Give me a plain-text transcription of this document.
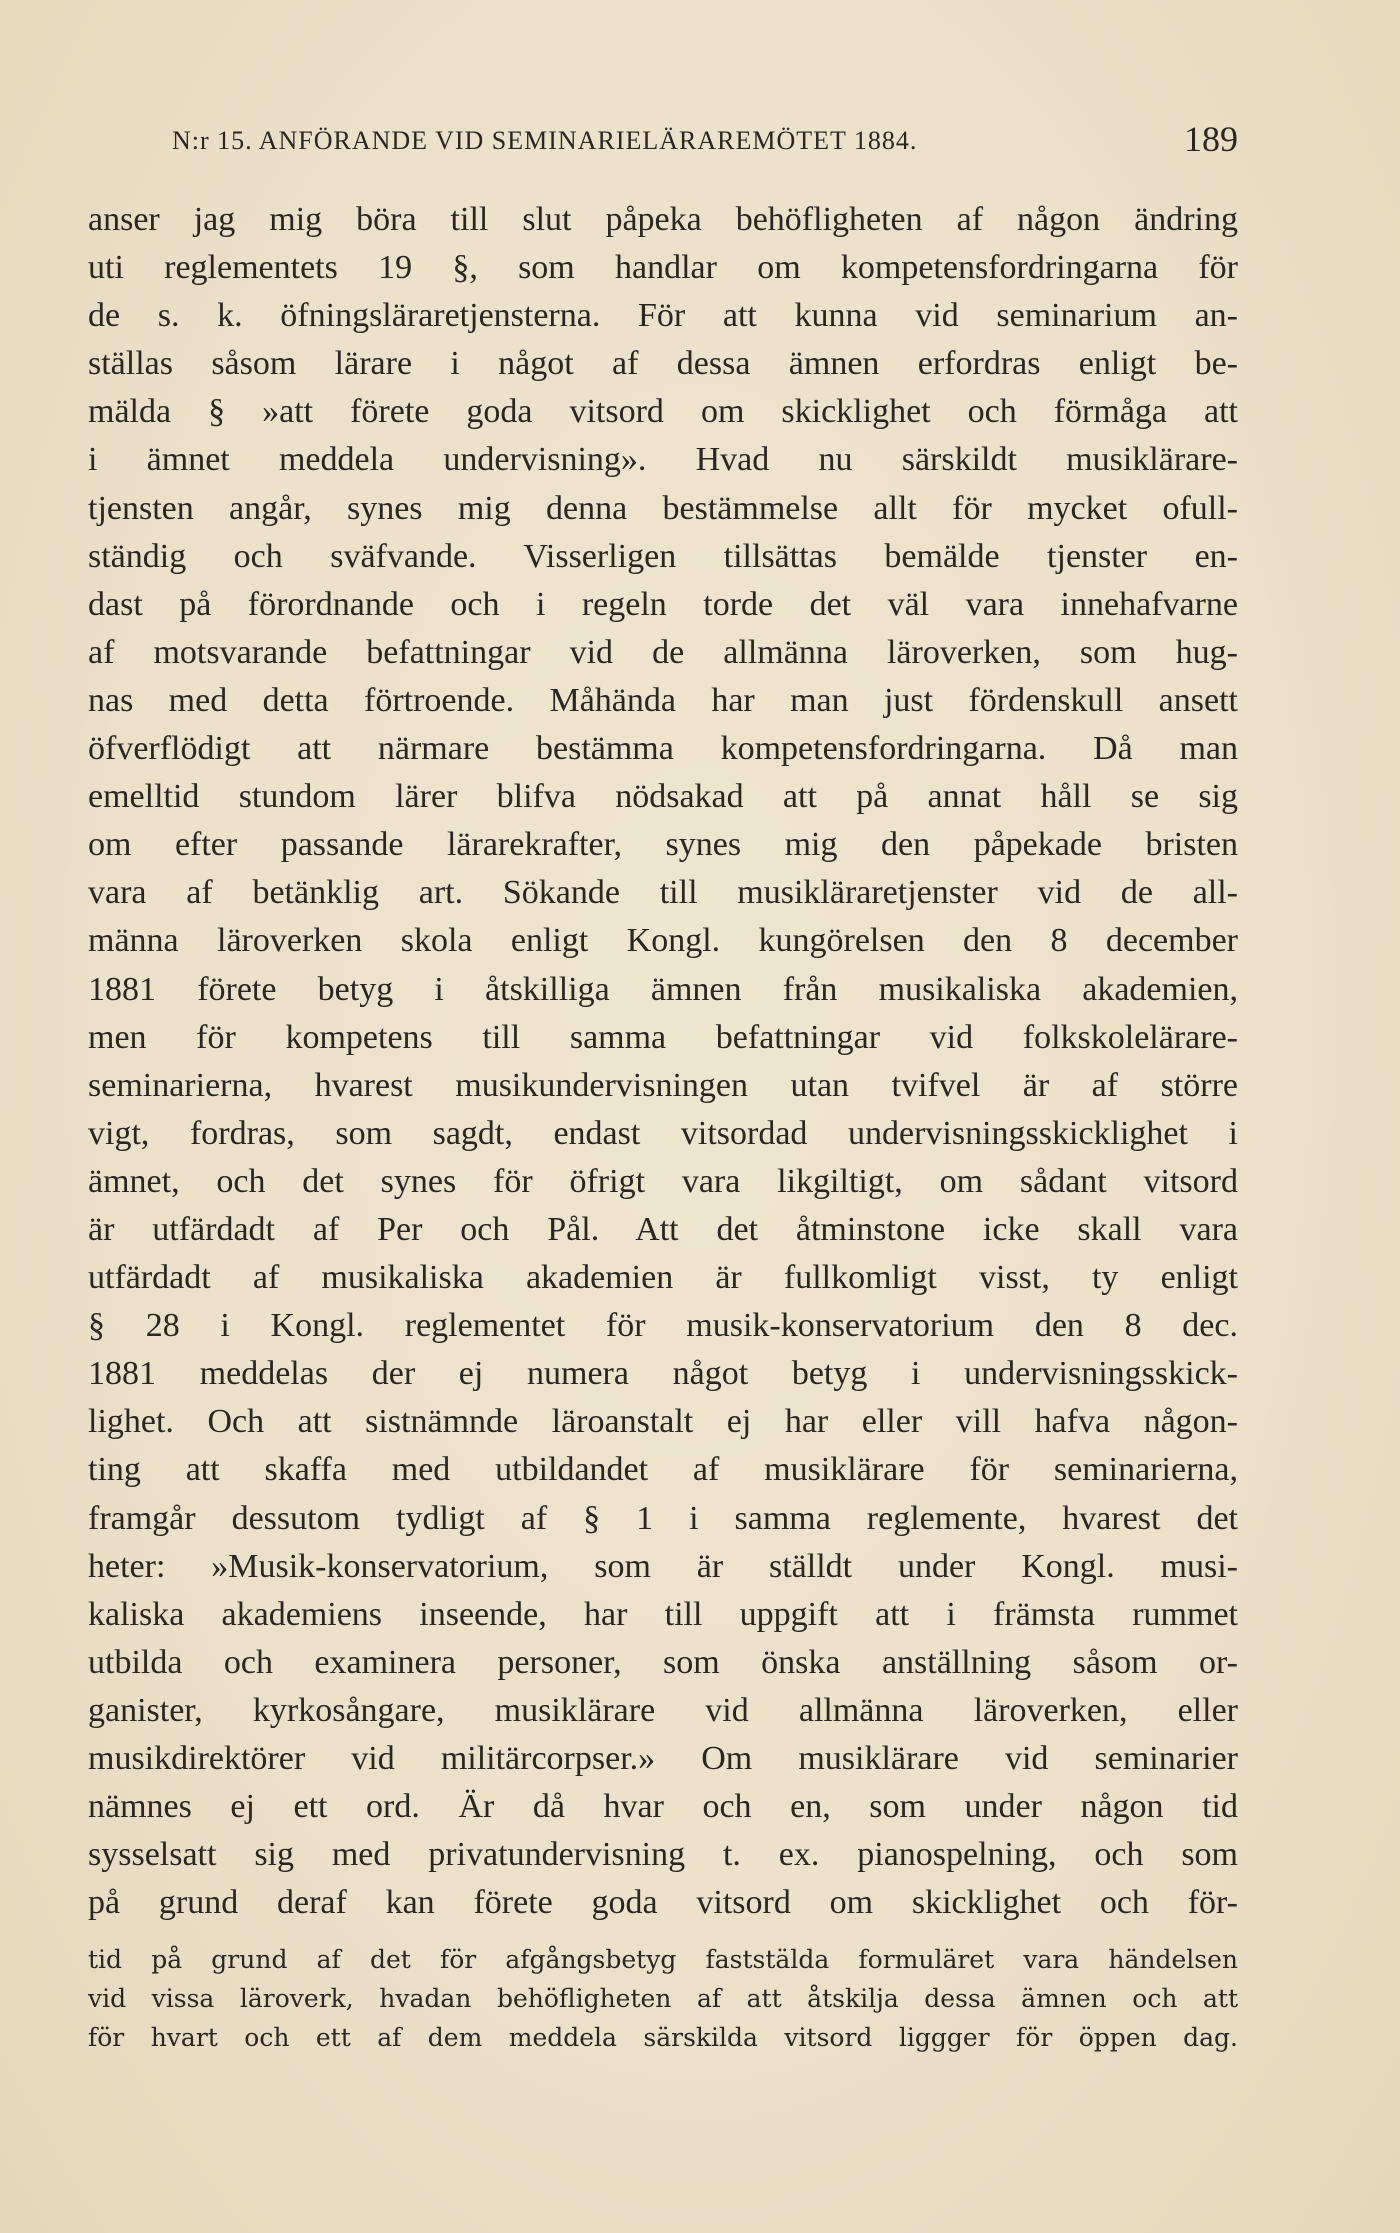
N:r 15. ANFÖRANDE VID SEMINARIELÄRAREMÖTET 1884.	189
anser jag mig böra till slut påpeka behöfligheten af någon ändring
uti reglementets 19 §, som handlar om kompetensfordringarna för
de s. k. öfningsläraretjensterna. För att kunna vid seminarium an-
ställas såsom lärare i något af dessa ämnen erfordras enligt be-
mälda § »att förete goda vitsord om skicklighet och förmåga att
i ämnet meddela undervisning». Hvad nu särskildt musiklärare-
tjensten angår, synes mig denna bestämmelse allt för mycket ofull-
ständig och sväfvande. Visserligen tillsättas bemälde tjenster en-
dast på förordnande och i regeln torde det väl vara innehafvarne
af motsvarande befattningar vid de allmänna läroverken, som hug-
nas med detta förtroende. Måhända har man just fördenskull ansett
öfverflödigt att närmare bestämma kompetensfordringarna. Då man
emelltid stundom lärer blifva nödsakad att på annat håll se sig
om efter passande lärarekrafter, synes mig den påpekade bristen
vara af betänklig art. Sökande till musikläraretjenster vid de all-
männa läroverken skola enligt Kongl. kungörelsen den 8 december
1881 förete betyg i åtskilliga ämnen från musikaliska akademien,
men för kompetens till samma befattningar vid folkskolelärare-
seminarierna, hvarest musikundervisningen utan tvifvel är af större
vigt, fordras, som sagdt, endast vitsordad undervisningsskicklighet i
ämnet, och det synes för öfrigt vara likgiltigt, om sådant vitsord
är utfärdadt af Per och Pål. Att det åtminstone icke skall vara
utfärdadt af musikaliska akademien är fullkomligt visst, ty enligt
§ 28 i Kongl. reglementet för musik-konservatorium den 8 dec.
1881 meddelas der ej numera något betyg i undervisningsskick-
lighet. Och att sistnämnde läroanstalt ej har eller vill hafva någon-
ting att skaffa med utbildandet af musiklärare för seminarierna,
framgår dessutom tydligt af § 1 i samma reglemente, hvarest det
heter: »Musik-konservatorium, som är ställdt under Kongl. musi-
kaliska akademiens inseende, har till uppgift att i främsta rummet
utbilda och examinera personer, som önska anställning såsom or-
ganister, kyrkosångare, musiklärare vid allmänna läroverken, eller
musikdirektörer vid militärcorpser.» Om musiklärare vid seminarier
nämnes ej ett ord. Är då hvar och en, som under någon tid
sysselsatt sig med privatundervisning t. ex. pianospelning, och som
på grund deraf kan förete goda vitsord om skicklighet och för-
tid på grund af det för afgångsbetyg faststälda formuläret vara händelsen
vid vissa läroverk, hvadan behöfligheten af att åtskilja dessa ämnen och att
för hvart och ett af dem meddela särskilda vitsord liggger för öppen dag.
